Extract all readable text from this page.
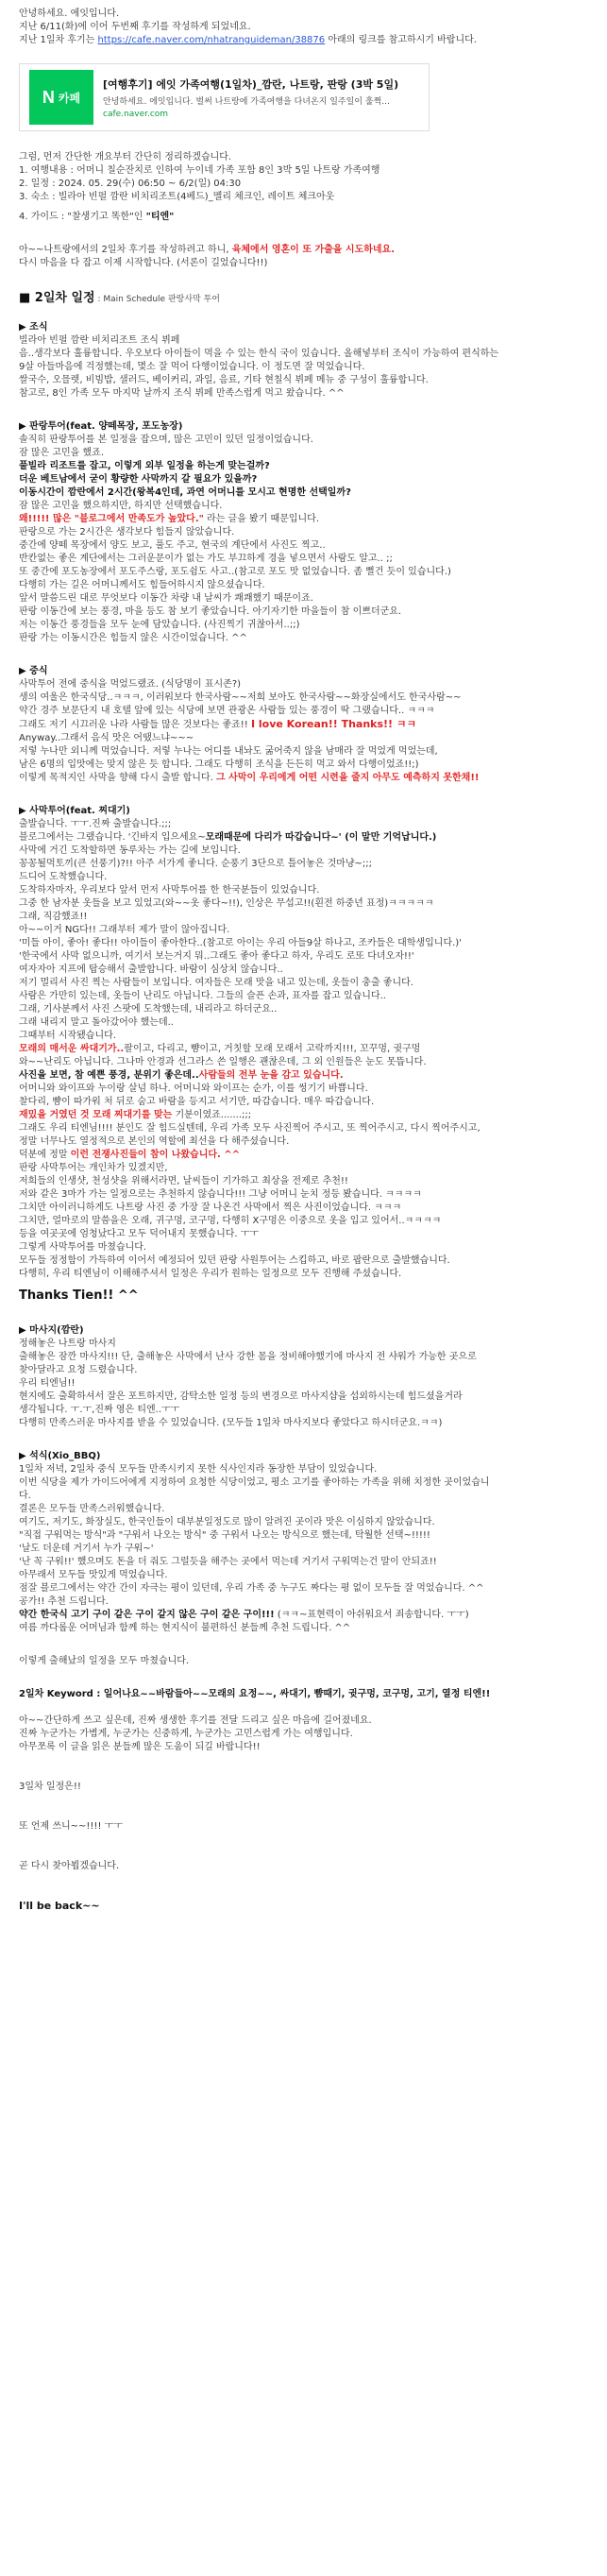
안녕하세요. 에잇입니다.

지난 6/11(화)에 이어 두번째 후기를 작성하게 되었네요.

지난 1일차 후기는 https://cafe.naver.com/nhatranguideman/38876 아래의 링크를 참고하시기 바랍니다.

N 카페

[여행후기] 에잇 가족여행(1일차)_깜란, 나트랑, 판랑 (3박 5일)

안녕하세요. 에잇입니다. 벌써 나트랑에 가족여행을 다녀온지 일주일이 훌쩍...

cafe.naver.com

그럼, 먼저 간단한 개요부터 간단히 정리하겠습니다.

1. 여행내용 : 어머니 칠순잔치로 인하여 누이네 가족 포함 8인 3박 5일 나트랑 가족여행

2. 일정 : 2024. 05. 29(수) 06:50 ~ 6/2(일) 04:30

3. 숙소 : 빌라아 빈펄 깜란 비치리조트(4베드)_멜리 체크인, 레이트 체크아웃

4. 가이드 : "찰생기고 똑한"인 "티엔"

아~~나트랑에서의 2일차 후기를 작성하려고 하니, 육체에서 영혼이 또 가출을 시도하네요.

다시 마음을 다 잡고 이제 시작합니다. (서론이 길었습니다!!)

■ 2일차 일정 : Main Schedule 판랑사막 투어

▶ 조식

빌라아 빈펄 깜란 비치리조트 조식 뷔페

음..생각보다 훌륭합니다. 우오보다 아이들이 먹을 수 있는 한식 국이 있습니다. 올해넣부터 조식이 가능하여 편식하는

9살 아들마음에 걱정했는데, 몇소 잘 먹어 다행이었습니다. 이 정도면 잘 먹었습니다.

쌀국수, 오믈렛, 비빔밥, 샐러드, 베이커리, 과일, 음료, 기타 현칠식 뷔페 메뉴 중 구성이 훌륭합니다.

참고로, 8인 가족 모두 마지막 날까지 조식 뷔페 만족스럽게 먹고 왔습니다. ^^

▶ 판랑투어(feat. 양떼목장, 포도농장)

솔직히 판랑투어를 본 일정을 잡으며, 많은 고민이 있던 일정이었습니다.

잠 많은 고민을 했죠.

풀빌라 리조트를 잡고, 이렇게 외부 일정을 하는게 맞는걸까?

더운 베트남에서 굳이 황량한 사막까지 갈 필요가 있을까?

이동시간이 깜란에서 2시간(왕복4인데, 과연 어머니를 모시고 현명한 선택일까?

잠 많은 고민을 했으하지만, 하지만 선택했습니다.

왜!!!!! 많은 "블로그에서 만족도가 높았다." 라는 글을 봤기 때문입니다.

판랑으로 가는 2시간은 생각보다 힘들지 않았습니다.

중간에 양떼 목장에서 양도 보고, 풀도 주고, 현국의 계단에서 사진도 찍고..

반칸없는 좋은 계단에서는 그러운문이가 없는 가도 부끄하게 경을 넣으면서 사람도 알고.. ;;

또 중간에 포도농장에서 포도주스랑, 포도쉼도 사고..(참고로 포도 맛 없었습니다. 좀 뻘건 듯이 있습니다.)

다행히 가는 길은 어머니께서도 힘들어하시지 않으셨습니다.

앞서 말씀드린 대로 무엇보다 이동간 차량 내 날씨가 쾌쾌했기 때문이죠.

판랑 이동간에 보는 풍경, 마을 등도 참 보기 좋았습니다. 아기자기한 마을들이 참 이쁘더군요.

저는 이동간 풍경들을 모두 눈에 담았습니다. (사진찍기 귀찮아서..;;)

판랑 가는 이동시간은 힘들지 않은 시간이었습니다. ^^

▶ 중식

사막투어 전에 중식을 먹었드랬죠. (식당명이 표시존?)

생의 여울은 한국식당..ㅋㅋㅋ, 이러워보다 한국사람~~저희 보아도 한국사람~~화장실에서도 한국사람~~

약간 경주 보문단지 내 호텔 앞에 있는 식당에 보면 관광온 사람들 있는 풍경이 딱 그랬습니다.. ㅋㅋㅋ

그래도 저기 시끄러운 나라 사람들 많은 것보다는 좋죠!! I love Korean!! Thanks!! ㅋㅋ

Anyway..그래서 음식 맛은 어땠느냐~~~

저렇 누나만 외니께 먹었습니다. 저렇 누나는 어디를 내놔도 굶어죽지 않을 남매라 잘 먹었게 먹었는데,

남은 6명의 입맛에는 맞지 않은 듯 합니다. 그래도 다행히 조식을 든든히 먹고 와서 다행이었죠!!;)

이렇게 목적지인 사막을 향해 다시 출발 합니다. 그 사막이 우리에게 어떤 시련을 줄지 아무도 예측하지 못한채!!

▶ 사막투어(feat. 찌대기)

출발습니다. ㅜㅜ.진짜 출발습니다.;;;

블로그에서는 그랬습니다. '긴바지 입으세요~모래때문에 다리가 따갑습니다~' (이 말만 기억납니다.)

사막에 거긴 도착할하면 동루차는 가는 길에 보입니다.

꽁꽁될먹토끼(큰 선풍기)?!! 아주 서가게 좋니다. 순풍기 3단으로 틀어놓은 것마냥~;;;

드디어 도착했습니다.

도착하자마자, 우리보다 앞서 먼저 사막투어를 한 한국분들이 있었습니다.

그중 한 남자분 옷들을 보고 있었고(와~~옷 좋다~!!), 인상은 무섭고!!(흰전 하중년 표정)ㅋㅋㅋㅋㅋ

그래, 직감했죠!!

아~~이거 NG다!! 그래부터 제가 말이 않아집니다.

'미들 아이, 좋아! 좋다!! 아이들이 좋아한다..(참고로 아이는 우리 아들9살 하나고, 조카들은 대학생입니다.)'

'한국에서 사막 없으니까, 여기서 보는거지 뭐..그래도 좋아 좋다고 하자, 우리도 로또 다녀오자!!'

여자자아 지프에 탑승해서 출발합니다. 바람이 심상치 않습니다..

저기 멀리서 사진 찍는 사람들이 보입니다. 여자들은 모래 맛을 내고 있는데, 옷들이 충출 좋니다.

사람은 가만히 있는데, 옷들이 난리도 아닙니다. 그들의 슬픈 손과, 표자를 잡고 있습니다..

그래, 기사분께서 사진 스팟에 도착했는데, 내리라고 하더군요..

그래 내리지 말고 돌아갔어야 했는데..

그때부터 시작됐습니다.

모래의 매서운 싸대기가..팔이고, 다리고, 뺨이고, 거칫할 모래 모래서 고락까지!!!, 꼬꾸멍, 귓구멍

와~~난리도 아닙니다. 그나마 안경과 선그라스 쓴 일행은 괜찮은데, 그 외 인원들은 눈도 못뜹니다.

사진을 보면, 참 예쁜 풍경, 분위기 좋은데..사람들의 전부 눈을 감고 있습니다.

어머니와 와이프와 누이랑 살넘 하나. 어머니와 와이프는 순가, 이를 썽기기 바쁩니다.

찰다리, 뺨이 따가워 처 뒤로 숨고 바람을 등지고 서기만, 따갑습니다. 매우 따갑습니다.

재밌을 거였던 것 모래 찌대기를 맞는 기분이였죠.......;;;

그래도 우리 티엔님!!!! 분인도 잘 힘드실텐데, 우리 가족 모두 사진찍어 주시고, 또 찍어주시고, 다시 찍어주시고,

정말 너무나도 열정적으로 본인의 역할에 최선을 다 해주셨습니다.

덕분에 정말 이런 전쟁사진들이 참이 나왔습니다. ^^

판랑 사막투어는 개인차가 있겠지만,

저희들의 인생샷, 천성샷을 위해서라면, 날씨들이 기가하고 최상을 전제로 추천!!

저와 같은 3마가 가는 일정으로는 추천하지 않습니다!!! 그냥 어머니 눈치 정등 봤습니다. ㅋㅋㅋㅋ

그치만 아이러니하게도 나트랑 사진 중 가장 잘 나온건 사막에서 찍은 사진이었습니다. ㅋㅋㅋ

그치만, 얼마로의 말씀을은 오래, 귀구멍, 코구멍, 다행히 X구멍은 이중으로 옷을 입고 있어서..ㅋㅋㅋㅋ

등을 여곳곳에 엄청났다고 모두 덕어내지 못했습니다. ㅜㅜ

그렇게 사막투어를 마쳤습니다.

모두들 정정함이 가득하여 이어서 예정되어 있던 판랑 사원투어는 스킵하고, 바로 팝란으로 출발했습니다.

다행히, 우리 티엔님이 이해해주셔서 일정은 우리가 원하는 일정으로 모두 진행해 주셨습니다.

Thanks Tien!! ^^

▶ 마사지(깜란)

정해놓은 나트랑 마사지

출해놓은 잠깐 마사지!!! 단, 출해놓은 사막에서 난사 강한 몸을 정비해야했기에 마사지 전 샤워가 가능한 곳으로

찾아달라고 요청 드렸습니다.

우리 티엔님!!

현지에도 출확하셔서 잘은 포트하지만, 감탁소한 일정 등의 변경으로 마사지샵을 섭외하시는데 힘드셨을거라

생각됩니다. ㅜ.ㅜ,진짜 영은 티엔..ㅜㅜ

다행히 만족스러운 마사지를 받을 수 있었습니다. (모두들 1일차 마사지보다 좋았다고 하시더군요.ㅋㅋ)

▶ 석식(Xio_BBQ)

1일차 저녁, 2일차 중식 모두들 만족시키지 못한 식사인지라 동장한 부담이 있었습니다.

이번 식당을 제가 가이드어에게 지정하여 요청한 식당이었고, 평소 고기를 좋아하는 가족을 위해 치정한 곳이었습니

다.

결론은 모두들 만족스러워했습니다.

여기도, 저기도, 화장실도, 한국인들이 대부분일정도로 많이 알려진 곳이라 맛은 이심하지 않았습니다.

"직접 구워먹는 방식"과 "구워서 나오는 방식" 중 구워서 나오는 방식으로 했는데, 탁월한 선택~!!!!!

'날도 더운데 거기서 누가 구워~'

'난 꼭 구워!!' 했으며도 돈을 더 줘도 그럴듯을 해주는 곳에서 먹는데 거기서 구워먹는건 말이 안되죠!!

아무래서 모두들 맛있게 먹었습니다.

점잘 블로그에서는 약간 간이 자극는 평이 있던데, 우리 가족 중 누구도 짜다는 평 없이 모두들 잘 먹었습니다. ^^

공가!! 추천 드립니다.

약간 한국식 고기 구이 같은 구이 같지 않은 구이 같은 구이!!! (ㅋㅋ~표현력이 아쉬워요서 죄송합니다. ㅜㅜ)

여름 까다롭운 어머님과 함께 하는 현지식이 불편하신 분들께 추천 드립니다. ^^

이렇게 출해났의 일정을 모두 마쳤습니다.

2일차 Keyword : 일어나요~~바람들아~~모래의 요정~~, 싸대기, 뺨때기, 귓구멍, 코구멍, 고기, 열정 티엔!!

아~~간단하게 쓰고 싶은데, 진짜 생생한 후기를 전달 드리고 싶은 마음에 길어졌네요.

진짜 누군가는 가볍게, 누군가는 신중하게, 누군가는 고민스럽게 가는 여행입니다.

아무쪼록 이 글을 읽은 분들께 많은 도움이 되길 바랍니다!!

3일차 일정은!!

또 언제 쓰니~~!!!! ㅜㅜ

곧 다시 찾아뵙겠습니다.

I'll be back~~
